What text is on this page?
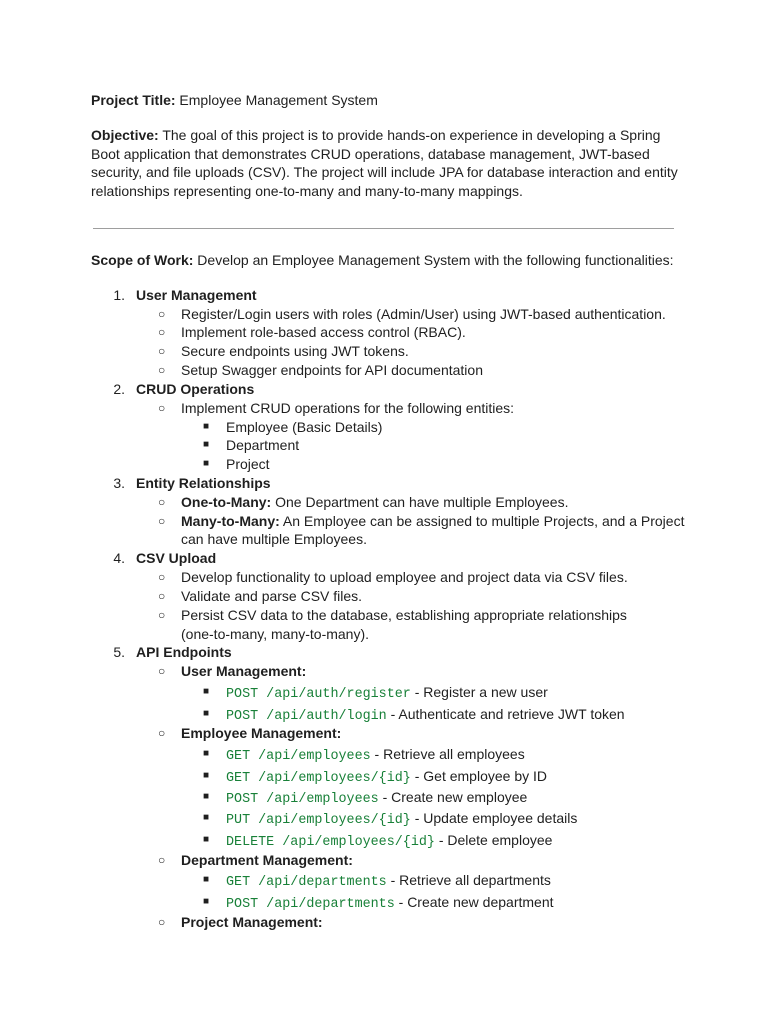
Project Title: Employee Management System

Objective: The goal of this project is to provide hands-on experience in developing a Spring
Boot application that demonstrates CRUD operations, database management, JWT-based
security, and file uploads (CSV). The project will include JPA for database interaction and entity
relationships representing one-to-many and many-to-many mappings.

Scope of Work: Develop an Employee Management System with the following functionalities:

1. User Management
○ Register/Login users with roles (Admin/User) using JWT-based authentication.
○ Implement role-based access control (RBAC).
○ Secure endpoints using JWT tokens.
○ Setup Swagger endpoints for API documentation
2. CRUD Operations
○ Implement CRUD operations for the following entities:
■ Employee (Basic Details)
■ Department
■ Project
3. Entity Relationships
○ One-to-Many: One Department can have multiple Employees.
○ Many-to-Many: An Employee can be assigned to multiple Projects, and a Project
can have multiple Employees.
4. CSV Upload
○ Develop functionality to upload employee and project data via CSV files.
○ Validate and parse CSV files.
○ Persist CSV data to the database, establishing appropriate relationships
(one-to-many, many-to-many).
5. API Endpoints
○ User Management:
■ POST /api/auth/register - Register a new user
■ POST /api/auth/login - Authenticate and retrieve JWT token
○ Employee Management:
■ GET /api/employees - Retrieve all employees
■ GET /api/employees/{id} - Get employee by ID
■ POST /api/employees - Create new employee
■ PUT /api/employees/{id} - Update employee details
■ DELETE /api/employees/{id} - Delete employee
○ Department Management:
■ GET /api/departments - Retrieve all departments
■ POST /api/departments - Create new department
○ Project Management:
